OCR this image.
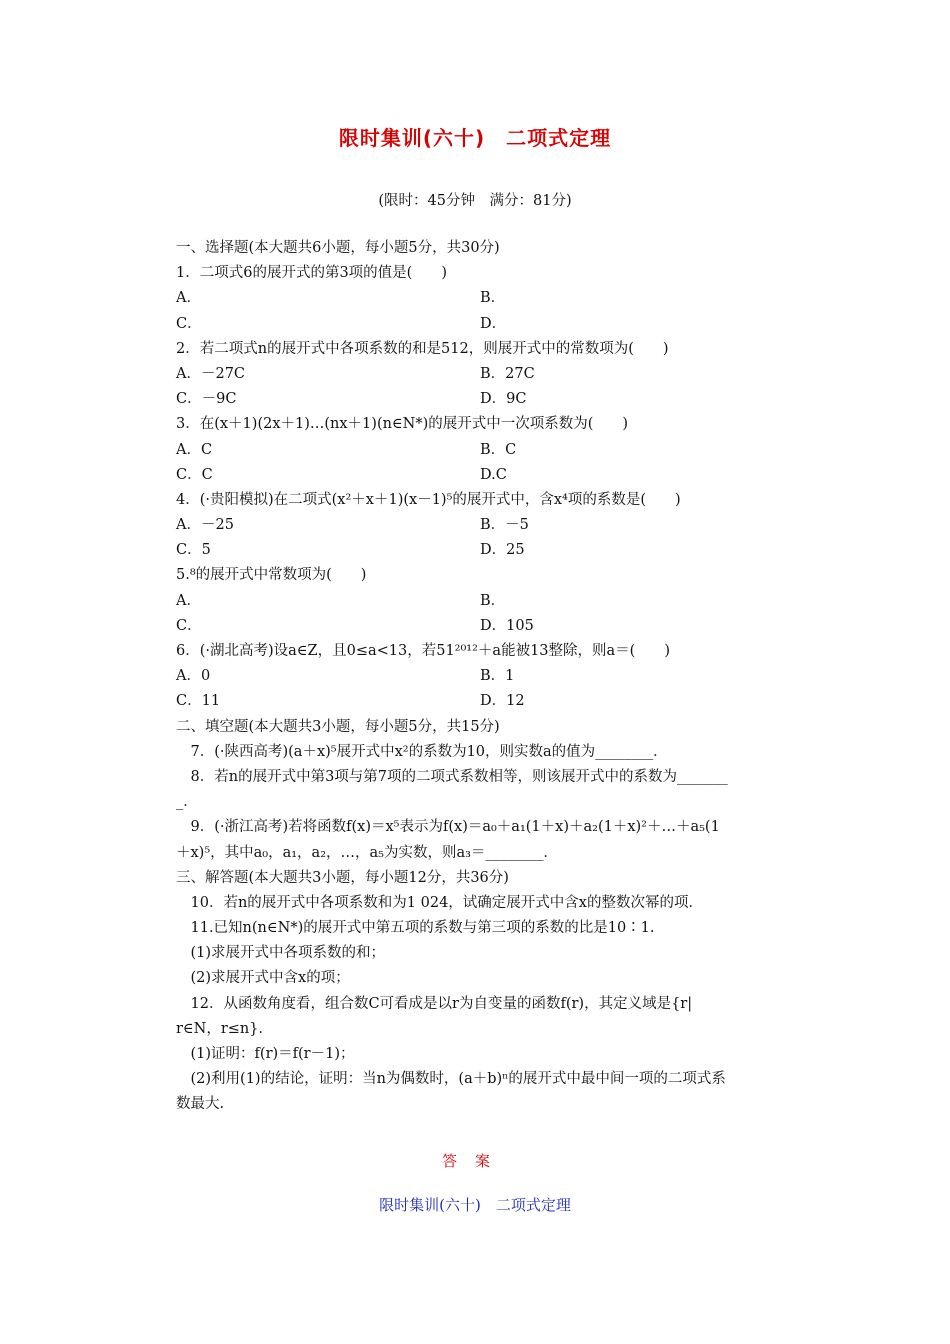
限时集训(六十)　二项式定理
(限时：45分钟　满分：81分)
一、选择题(本大题共6小题，每小题5分，共30分)
1．二项式6的展开式的第3项的值是(　　)
A．	B．
C．	D．
2．若二项式n的展开式中各项系数的和是512，则展开式中的常数项为(　　)
A．－27C	B．27C
C．－9C	D．9C
3．在(x＋1)(2x＋1)…(nx＋1)(n∈N*)的展开式中一次项系数为(　　)
A．C	B．C
C．C	D.C
4．(·贵阳模拟)在二项式(x²＋x＋1)(x－1)⁵的展开式中，含x⁴项的系数是(　　)
A．－25	B．－5
C．5	D．25
5.⁸的展开式中常数项为(　　)
A．	B．
C．	D．105
6．(·湖北高考)设a∈Z，且0≤a<13，若51²⁰¹²＋a能被13整除，则a＝(　　)
A．0	B．1
C．11	D．12
二、填空题(本大题共3小题，每小题5分，共15分)
　7．(·陕西高考)(a＋x)⁵展开式中x²的系数为10，则实数a的值为________．
　8．若n的展开式中第3项与第7项的二项式系数相等，则该展开式中的系数为_______
_．
　9．(·浙江高考)若将函数f(x)＝x⁵表示为f(x)＝a₀＋a₁(1＋x)＋a₂(1＋x)²＋…＋a₅(1
＋x)⁵，其中a₀，a₁，a₂，…，a₅为实数，则a₃＝________．
三、解答题(本大题共3小题，每小题12分，共36分)
　10．若n的展开式中各项系数和为1 024，试确定展开式中含x的整数次幂的项．
　11.已知n(n∈N*)的展开式中第五项的系数与第三项的系数的比是10∶1.
　(1)求展开式中各项系数的和；
　(2)求展开式中含x的项；
　12．从函数角度看，组合数C可看成是以r为自变量的函数f(r)，其定义域是{r|
r∈N，r≤n}．
　(1)证明：f(r)＝f(r－1)；
　(2)利用(1)的结论，证明：当n为偶数时，(a＋b)ⁿ的展开式中最中间一项的二项式系
数最大.
答案
限时集训(六十)　二项式定理
